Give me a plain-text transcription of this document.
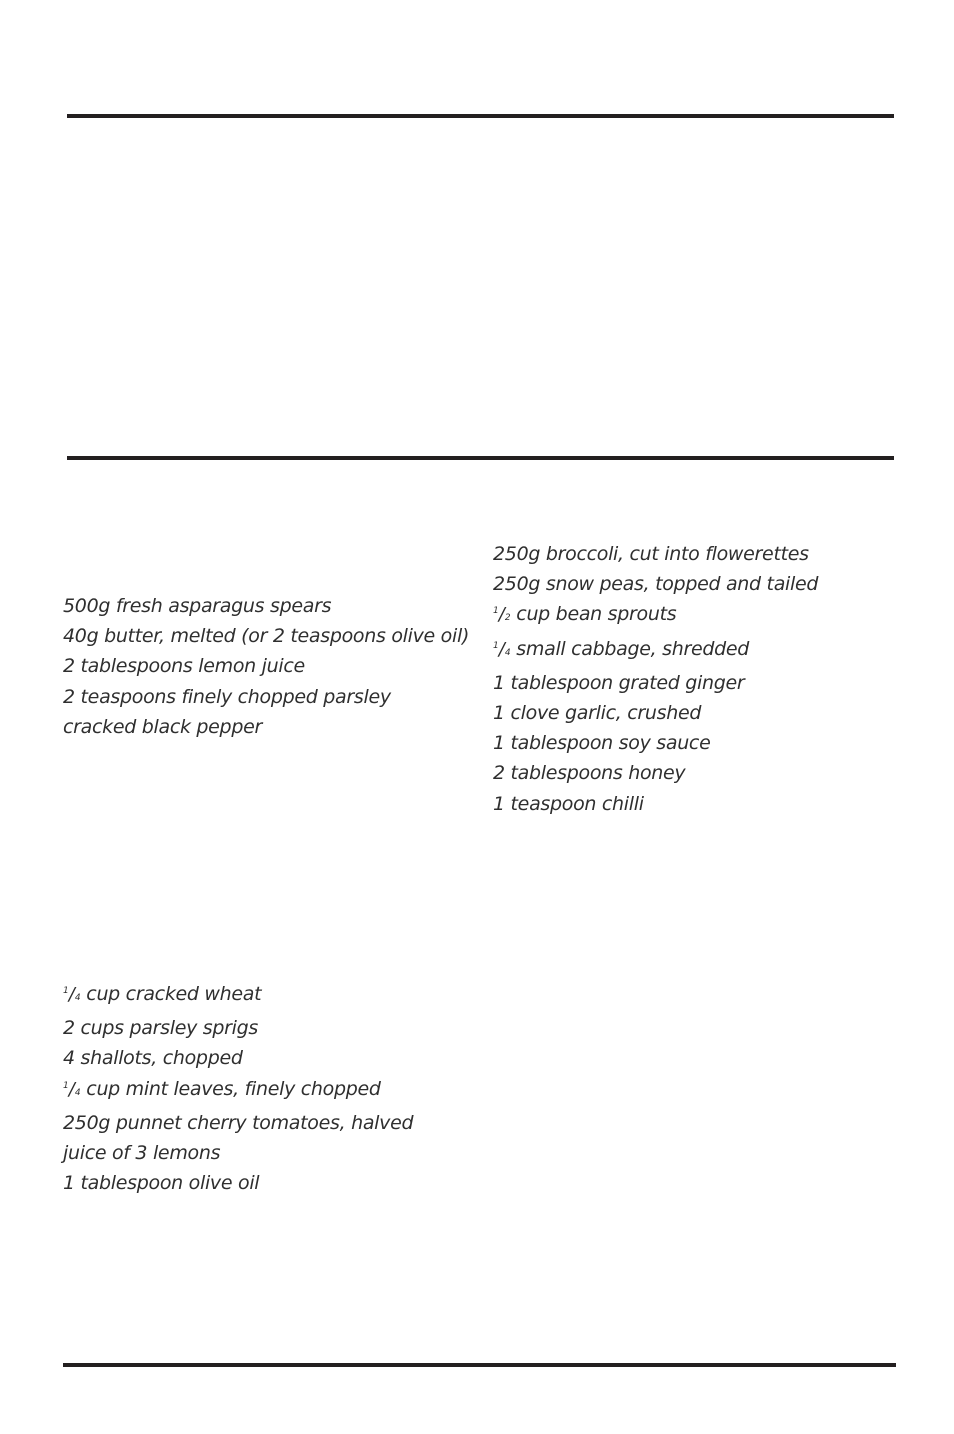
500g fresh asparagus spears
40g butter, melted (or 2 teaspoons olive oil)
2 tablespoons lemon juice
2 teaspoons finely chopped parsley
cracked black pepper
250g broccoli, cut into flowerettes
250g snow peas, topped and tailed
1/2 cup bean sprouts
1/4 small cabbage, shredded
1 tablespoon grated ginger
1 clove garlic, crushed
1 tablespoon soy sauce
2 tablespoons honey
1 teaspoon chilli
1/4 cup cracked wheat
2 cups parsley sprigs
4 shallots, chopped
1/4 cup mint leaves, finely chopped
250g punnet cherry tomatoes, halved
juice of 3 lemons
1 tablespoon olive oil
